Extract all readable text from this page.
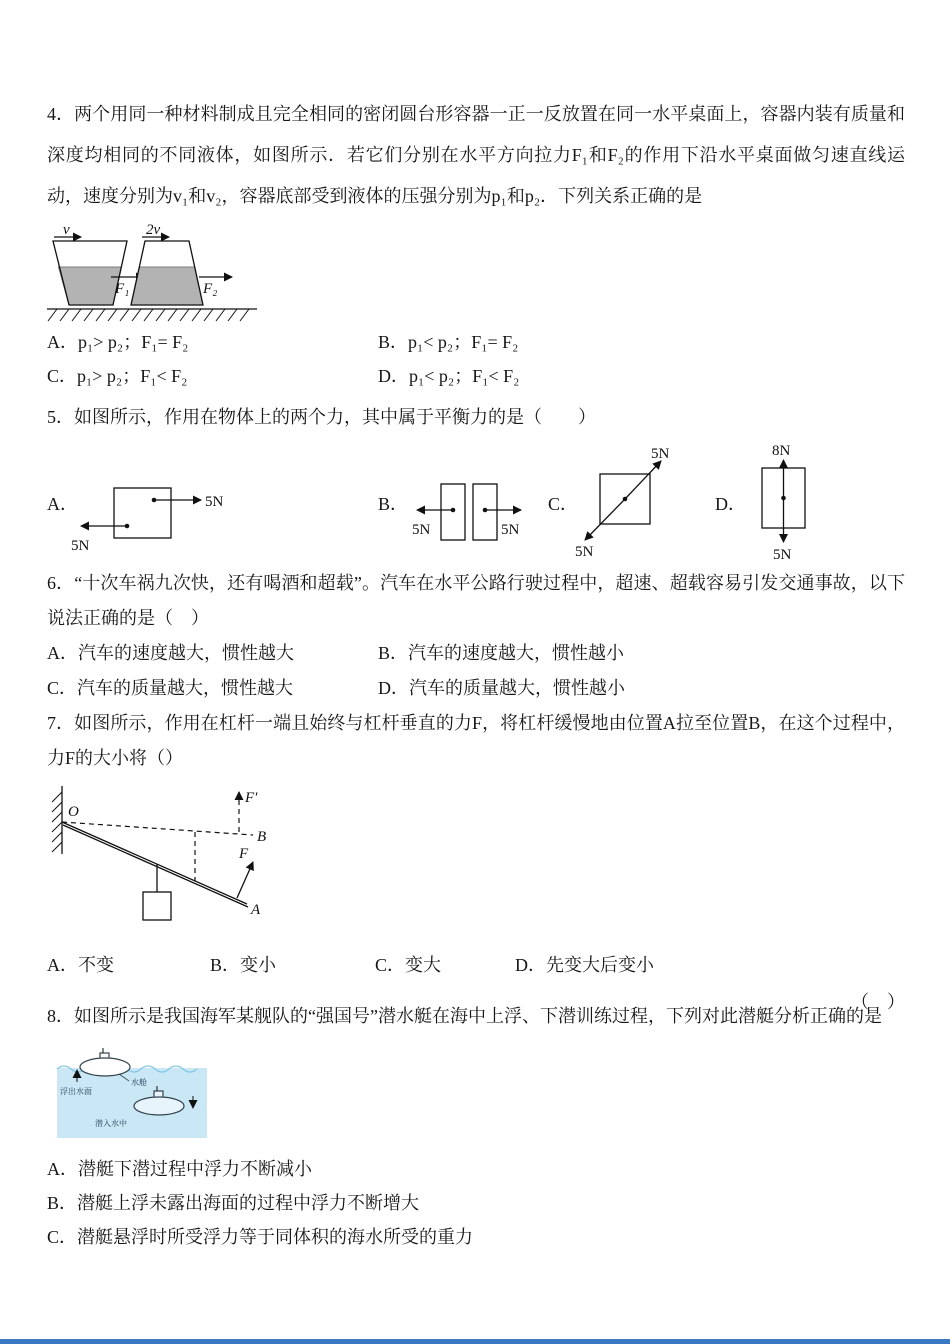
4．两个用同一种材料制成且完全相同的密闭圆台形容器一正一反放置在同一水平桌面上，容器内装有质量和深度均相同的不同液体，如图所示．若它们分别在水平方向拉力F₁和F₂的作用下沿水平桌面做匀速直线运动，速度分别为v₁和v₂，容器底部受到液体的压强分别为p₁和p₂．下列关系正确的是

v
F₁
2v
F₂
A．p₁> p₂；F₁= F₂	B．p₁< p₂；F₁= F₂
C．p₁> p₂；F₁< F₂	D．p₁< p₂；F₁< F₂

5．如图所示，作用在物体上的两个力，其中属于平衡力的是（　　）

A．	5N
5N
B．
5N	5N
C．
5N
5N
D．
8N
5N

6．“十次车祸九次快，还有喝酒和超载”。汽车在水平公路行驶过程中，超速、超载容易引发交通事故，以下说法正确的是（　）

A．汽车的速度越大，惯性越大	B．汽车的速度越大，惯性越小
C．汽车的质量越大，惯性越大	D．汽车的质量越大，惯性越小

7．如图所示，作用在杠杆一端且始终与杠杆垂直的力F，将杠杆缓慢地由位置A拉至位置B，在这个过程中，力F的大小将（）

O
B
F′
A
F
A．不变	B．变小	C．变大	D．先变大后变小

8．如图所示是我国海军某舰队的“强国号”潜水艇在海中上浮、下潜训练过程，下列对此潜艇分析正确的是
（　）

水舱
浮出水面
潜入水中

A．潜艇下潜过程中浮力不断减小

B．潜艇上浮未露出海面的过程中浮力不断增大

C．潜艇悬浮时所受浮力等于同体积的海水所受的重力
